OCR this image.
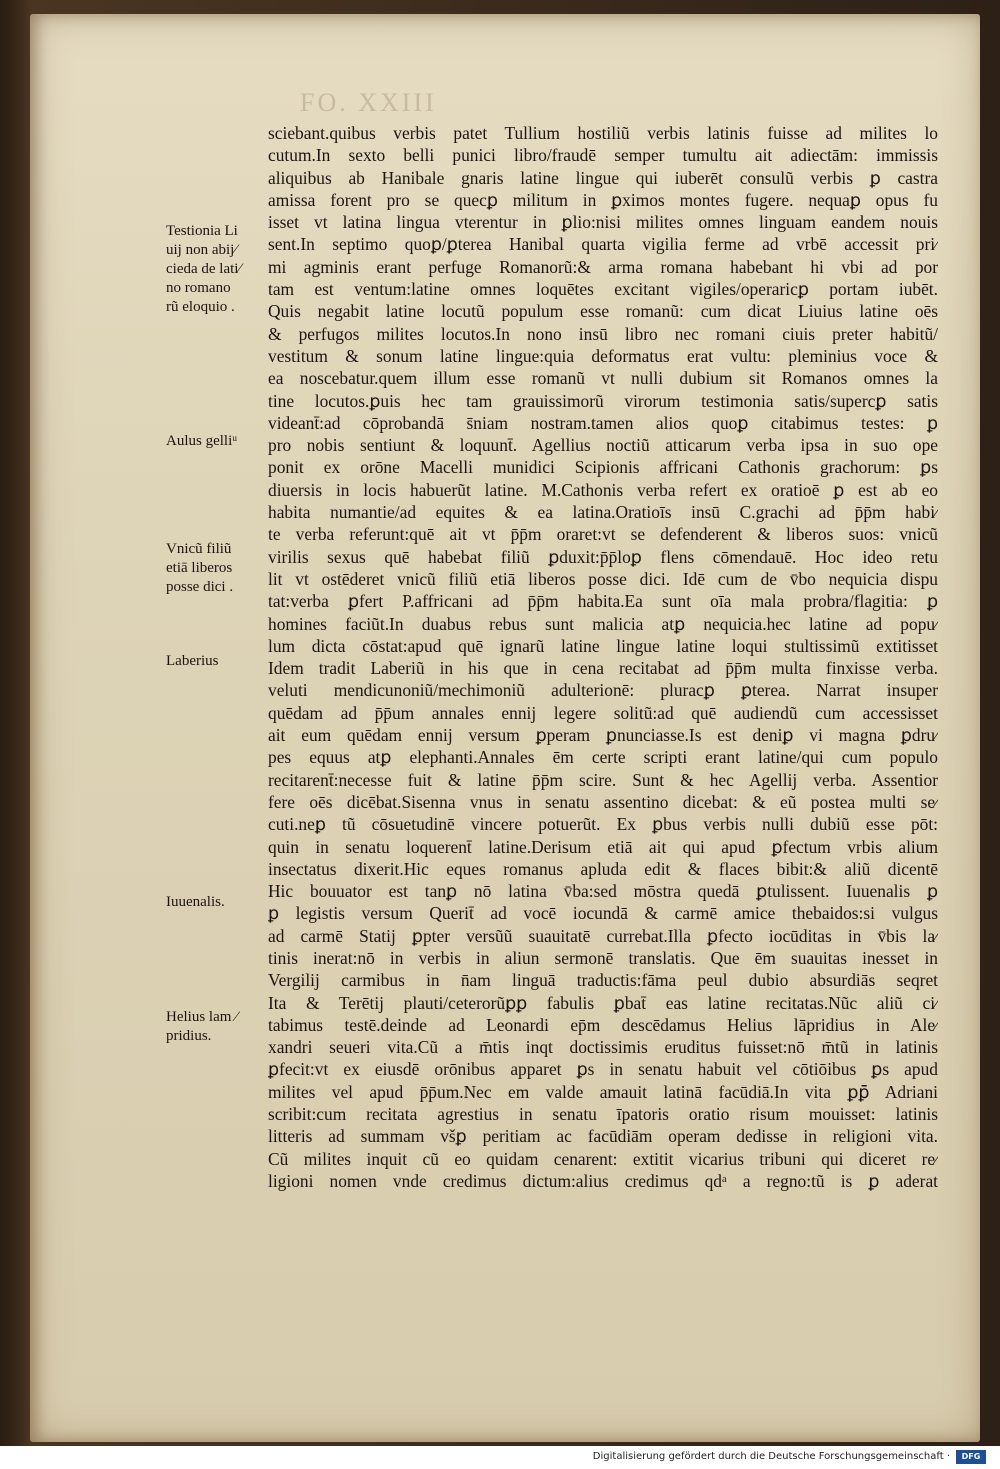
FO. XXIII
sciebant.quibus verbis patet Tullium hostiliũ verbis latinis fuisse ad milites lo
cutum.In sexto belli punici libro/fraudē semper tumultu ait adiectām: immissis
aliquibus ab Hanibale gnaris latine lingue qui iuberēt consulũ verbis ꝑ castra
amissa forent pro se quecꝑ militum in ꝑximos montes fugere. nequaꝑ opus fu
isset vt latina lingua vterentur in ꝑlio:nisi milites omnes linguam eandem nouis
sent.In septimo quoꝑ/ꝑterea Hanibal quarta vigilia ferme ad vrbē accessit pri⁄
mi agminis erant perfuge Romanorũ:& arma romana habebant hi vbi ad por
tam est ventum:latine omnes loquētes excitant vigiles/operaricꝑ portam iubēt.
Quis negabit latine locutũ populum esse romanũ: cum dicat Liuius latine oēs
& perfugos milites locutos.In nono insū libro nec romani ciuis preter habitũ/
vestitum & sonum latine lingue:quia deformatus erat vultu: pleminius voce &
ea noscebatur.quem illum esse romanũ vt nulli dubium sit Romanos omnes la
tine locutos.ꝑuis hec tam grauissimorũ virorum testimonia satis/supercꝑ satis
videant̄:ad cōprobandā s̄niam nostram.tamen alios quoꝑ citabimus testes: ꝑ
pro nobis sentiunt & loquunt̄. Agellius noctiũ atticarum verba ipsa in suo ope
ponit ex orōne Macelli munidici Scipionis affricani Cathonis grachorum: ꝑs
diuersis in locis habuerũt latine. M.Cathonis verba refert ex oratioē ꝑ est ab eo
habita numantie/ad equites & ea latina.Oratioīs insū C.grachi ad p̄p̄m habi⁄
te verba referunt:quē ait vt p̄p̄m oraret:vt se defenderent & liberos suos: vnicũ
virilis sexus quē habebat filiũ ꝑduxit:p̄p̄loꝑ flens cōmendauē. Hoc ideo retu
lit vt ostēderet vnicũ filiũ etiā liberos posse dici. Idē cum de v̄bo nequicia dispu
tat:verba ꝑfert P.affricani ad p̄p̄m habita.Ea sunt oīa mala probra/flagitia: ꝑ
homines faciũt.In duabus rebus sunt malicia atꝑ nequicia.hec latine ad popu⁄
lum dicta cōstat:apud quē ignarũ latine lingue latine loqui stultissimũ extitisset
Idem tradit Laberiũ in his que in cena recitabat ad p̄p̄m multa finxisse verba.
veluti mendicunoniũ/mechimoniũ adulterionē: pluracꝑ ꝑterea. Narrat insuper
quēdam ad p̄p̄um annales ennij legere solitũ:ad quē audiendũ cum accessisset
ait eum quēdam ennij versum ꝑperam ꝑnunciasse.Is est deniꝑ vi magna ꝑdru⁄
pes equus atꝑ elephanti.Annales ēm certe scripti erant latine/qui cum populo
recitarent̄:necesse fuit & latine p̄p̄m scire. Sunt & hec Agellij verba. Assentior
fere oēs dicēbat.Sisenna vnus in senatu assentino dicebat: & eũ postea multi se⁄
cuti.neꝑ tũ cōsuetudinē vincere potuerũt. Ex ꝑbus verbis nulli dubiũ esse pōt:
quin in senatu loquerent̄ latine.Derisum etiā ait qui apud ꝑfectum vrbis alium
insectatus dixerit.Hic eques romanus apluda edit & flaces bibit:& aliũ dicentē
Hic bouuator est tanꝑ nō latina v̄ba:sed mōstra quedā ꝑtulissent. Iuuenalis ꝑ
ꝑ legistis versum Querit̄ ad vocē iocundā & carmē amice thebaidos:si vulgus
ad carmē Statij ꝑpter versũũ suauitatē currebat.Illa ꝑfecto iocūditas in v̄bis la⁄
tinis inerat:nō in verbis in aliun sermonē translatis. Que ēm suauitas inesset in
Vergilij carmibus in n̄am linguā traductis:fāma peul dubio absurdiās seqret
Ita & Terētij plauti/ceterorũꝑꝑ fabulis ꝑbat̄ eas latine recitatas.Nũc aliũ ci⁄
tabimus testē.deinde ad Leonardi ep̄m descēdamus Helius lāpridius in Ale⁄
xandri seueri vita.Cũ a m̄tis inqt doctissimis eruditus fuisset:nō m̄tũ in latinis
ꝑfecit:vt ex eiusdē orōnibus apparet ꝑs in senatu habuit vel cōtiōibus ꝑs apud
milites vel apud p̄p̄um.Nec em valde amauit latinā facūdiā.In vita ꝑꝑ̄ Adriani
scribit:cum recitata agrestius in senatu īpatoris oratio risum mouisset: latinis
litteris ad summam všꝑ peritiam ac facūdiām operam dedisse in religioni vita.
Cũ milites inquit cũ eo quidam cenarent: extitit vicarius tribuni qui diceret re⁄
ligioni nomen vnde credimus dictum:alius credimus qdᵃ a regno:tũ is ꝑ aderat
Testionia Li
uij non abij⁄
cieda de lati⁄
no romano
rũ eloquio .
Aulus gelliᵘ
Vnicũ filiũ
etiā liberos
posse dici .
Laberius
Iuuenalis.
Helius lam ⁄
pridius.
Digitalisierung gefördert durch die Deutsche Forschungsgemeinschaft ·	DFG
